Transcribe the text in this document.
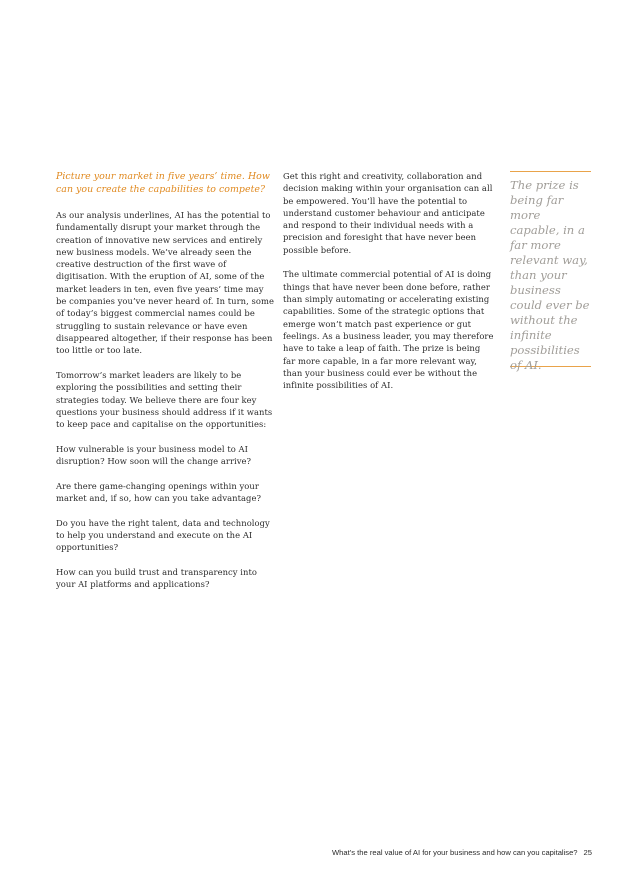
Picture your market in five years’ time. How can you create the capabilities to compete?

As our analysis underlines, AI has the potential to fundamentally disrupt your market through the creation of innovative new services and entirely new business models. We’ve already seen the creative destruction of the first wave of digitisation. With the eruption of AI, some of the market leaders in ten, even five years’ time may be companies you’ve never heard of. In turn, some of today’s biggest commercial names could be struggling to sustain relevance or have even disappeared altogether, if their response has been too little or too late.

Tomorrow’s market leaders are likely to be exploring the possibilities and setting their strategies today. We believe there are four key questions your business should address if it wants to keep pace and capitalise on the opportunities:

How vulnerable is your business model to AI disruption? How soon will the change arrive?

Are there game-changing openings within your market and, if so, how can you take advantage?

Do you have the right talent, data and technology to help you understand and execute on the AI opportunities?

How can you build trust and transparency into your AI platforms and applications?

Get this right and creativity, collaboration and decision making within your organisation can all be empowered. You’ll have the potential to understand customer behaviour and anticipate and respond to their individual needs with a precision and foresight that have never been possible before.

The ultimate commercial potential of AI is doing things that have never been done before, rather than simply automating or accelerating existing capabilities. Some of the strategic options that emerge won’t match past experience or gut feelings. As a business leader, you may therefore have to take a leap of faith. The prize is being far more capable, in a far more relevant way, than your business could ever be without the infinite possibilities of AI.

The prize is being far more capable, in a far more relevant way, than your business could ever be without the infinite possibilities of AI.

What’s the real value of AI for your business and how can you capitalise? 25
